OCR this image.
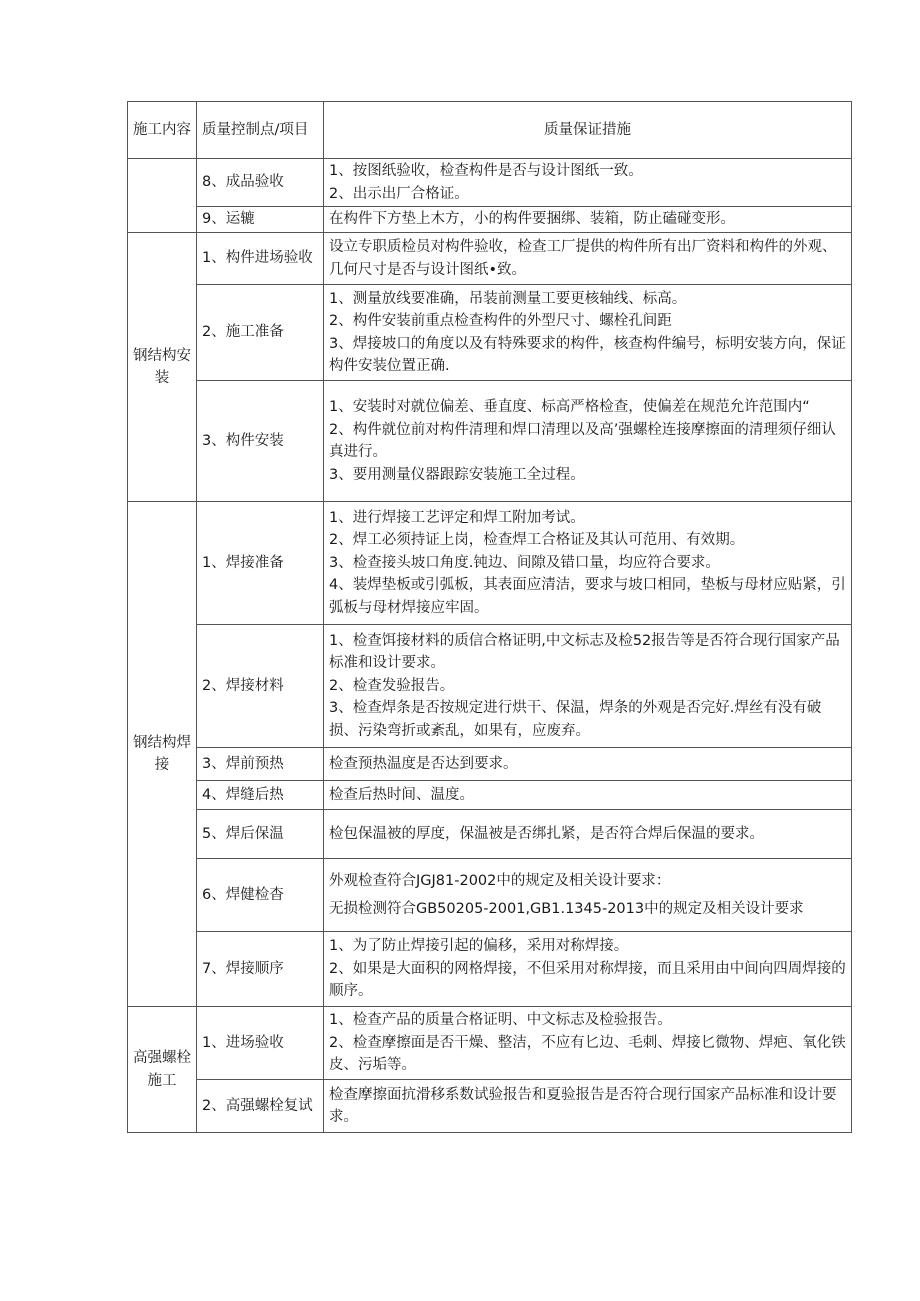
施工内容	质量控制点/项目	质量保证措施
	8、成品验收	1、按图纸验收，检查构件是否与设计图纸一致。
2、出示出厂合格证。

	9、运辘	在构件下方垫上木方，小的构件要捆绑、装箱，防止磕碰变形。

钢结构安装	1、构件进场验收	设立专职质检员对构件验收，检查工厂提供的构件所有出厂资料和构件的外观、几何尺寸是否与设计图纸•致。

	2、施工准备	1、测量放线要准确，吊装前测量工要更核轴线、标高。
2、构件安装前重点检查构件的外型尺寸、螺栓孔间距
3、焊接坡口的角度以及有特殊要求的构件，核查构件编号，标明安装方向，保证构件安装位置正确.

	3、构件安装	1、安装时对就位偏差、垂直度、标高严格检查，使偏差在规范允许范围内“
2、构件就位前对构件清理和焊口清理以及高’强螺栓连接摩擦面的清理须仔细认真进行。
3、要用测量仪器跟踪安装施工全过程。

钢结构焊接	1、焊接准备	1、进行焊接工艺评定和焊工附加考试。
2、焊工必须持证上岗，检查焊工合格证及其认可范用、有效期。
3、检查接头坡口角度.钝边、间隙及错口量，均应符合要求。
4、装焊垫板或引弧板，其表面应清洁，要求与坡口相同，垫板与母材应贴紧，引弧板与母材焊接应牢固。

	2、焊接材料	1、检查饵接材料的质信合格证明,中文标志及检52报告等是否符合现行国家产品标准和设计要求。
2、检查发验报告。
3、检查焊条是否按规定进行烘干、保温，焊条的外观是否完好.焊丝有没有破损、污染弯折或紊乱，如果有，应废弃。

	3、焊前预热	检查预热温度是否达到要求。

	4、焊缝后热	检查后热时间、温度。

	5、焊后保温	检包保温被的厚度，保温被是否绑扎紧，是否符合焊后保温的要求。

	6、焊健检杳	外观检查符合JGJ81-2002中的规定及相关设计要求：
无损检测符合GB50205-2001,GB1.1345-2013中的规定及相关设计要求

	7、焊接顺序	1、为了防止焊接引起的偏移，采用对称焊接。
2、如果是大面积的网格焊接，不但采用对称焊接，而且采用由中间向四周焊接的顺序。

高强螺栓施工	1、进场验收	1、检查产品的质量合格证明、中文标志及检验报告。
2、检查摩擦面是否干燥、整洁，不应有匕边、毛刺、焊接匕微物、焊疤、氧化铁皮、污垢等。

	2、高强螺栓复试	检查摩擦面抗滑移系数试验报告和夏验报告是否符合现行国家产品标准和设计要求。
